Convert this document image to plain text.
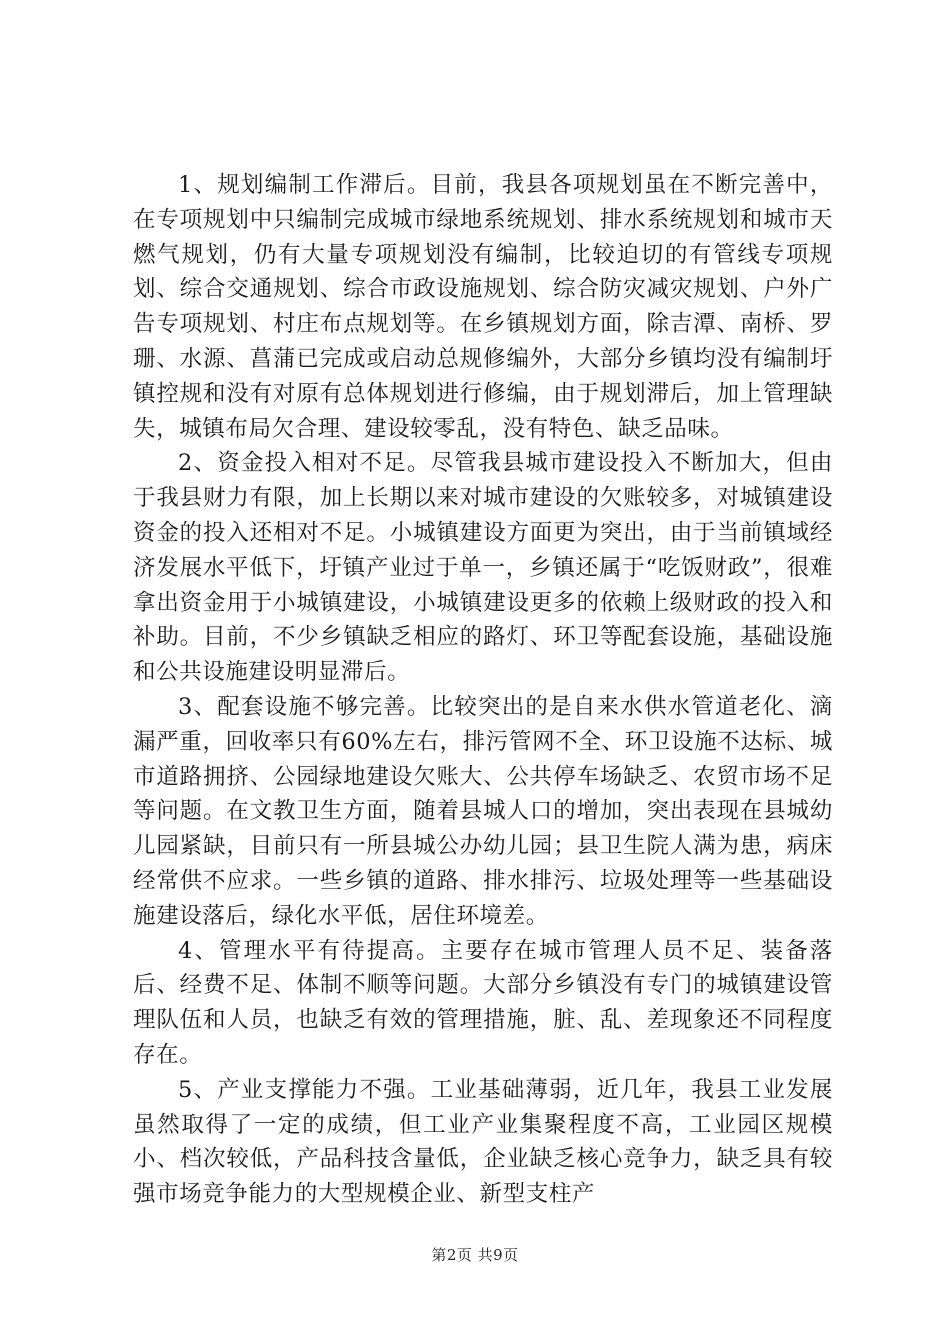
1、规划编制工作滞后。目前，我县各项规划虽在不断完善中，在专项规划中只编制完成城市绿地系统规划、排水系统规划和城市天燃气规划，仍有大量专项规划没有编制，比较迫切的有管线专项规划、综合交通规划、综合市政设施规划、综合防灾减灾规划、户外广告专项规划、村庄布点规划等。在乡镇规划方面，除吉潭、南桥、罗珊、水源、菖蒲已完成或启动总规修编外，大部分乡镇均没有编制圩镇控规和没有对原有总体规划进行修编，由于规划滞后，加上管理缺失，城镇布局欠合理、建设较零乱，没有特色、缺乏品味。

2、资金投入相对不足。尽管我县城市建设投入不断加大，但由于我县财力有限，加上长期以来对城市建设的欠账较多，对城镇建设资金的投入还相对不足。小城镇建设方面更为突出，由于当前镇域经济发展水平低下，圩镇产业过于单一，乡镇还属于“吃饭财政”，很难拿出资金用于小城镇建设，小城镇建设更多的依赖上级财政的投入和补助。目前，不少乡镇缺乏相应的路灯、环卫等配套设施，基础设施和公共设施建设明显滞后。

3、配套设施不够完善。比较突出的是自来水供水管道老化、滴漏严重，回收率只有60%左右，排污管网不全、环卫设施不达标、城市道路拥挤、公园绿地建设欠账大、公共停车场缺乏、农贸市场不足等问题。在文教卫生方面，随着县城人口的增加，突出表现在县城幼儿园紧缺，目前只有一所县城公办幼儿园；县卫生院人满为患，病床经常供不应求。一些乡镇的道路、排水排污、垃圾处理等一些基础设施建设落后，绿化水平低，居住环境差。

4、管理水平有待提高。主要存在城市管理人员不足、装备落后、经费不足、体制不顺等问题。大部分乡镇没有专门的城镇建设管理队伍和人员，也缺乏有效的管理措施，脏、乱、差现象还不同程度存在。

5、产业支撑能力不强。工业基础薄弱，近几年，我县工业发展虽然取得了一定的成绩，但工业产业集聚程度不高，工业园区规模小、档次较低，产品科技含量低，企业缺乏核心竞争力，缺乏具有较强市场竞争能力的大型规模企业、新型支柱产

第2页 共9页
